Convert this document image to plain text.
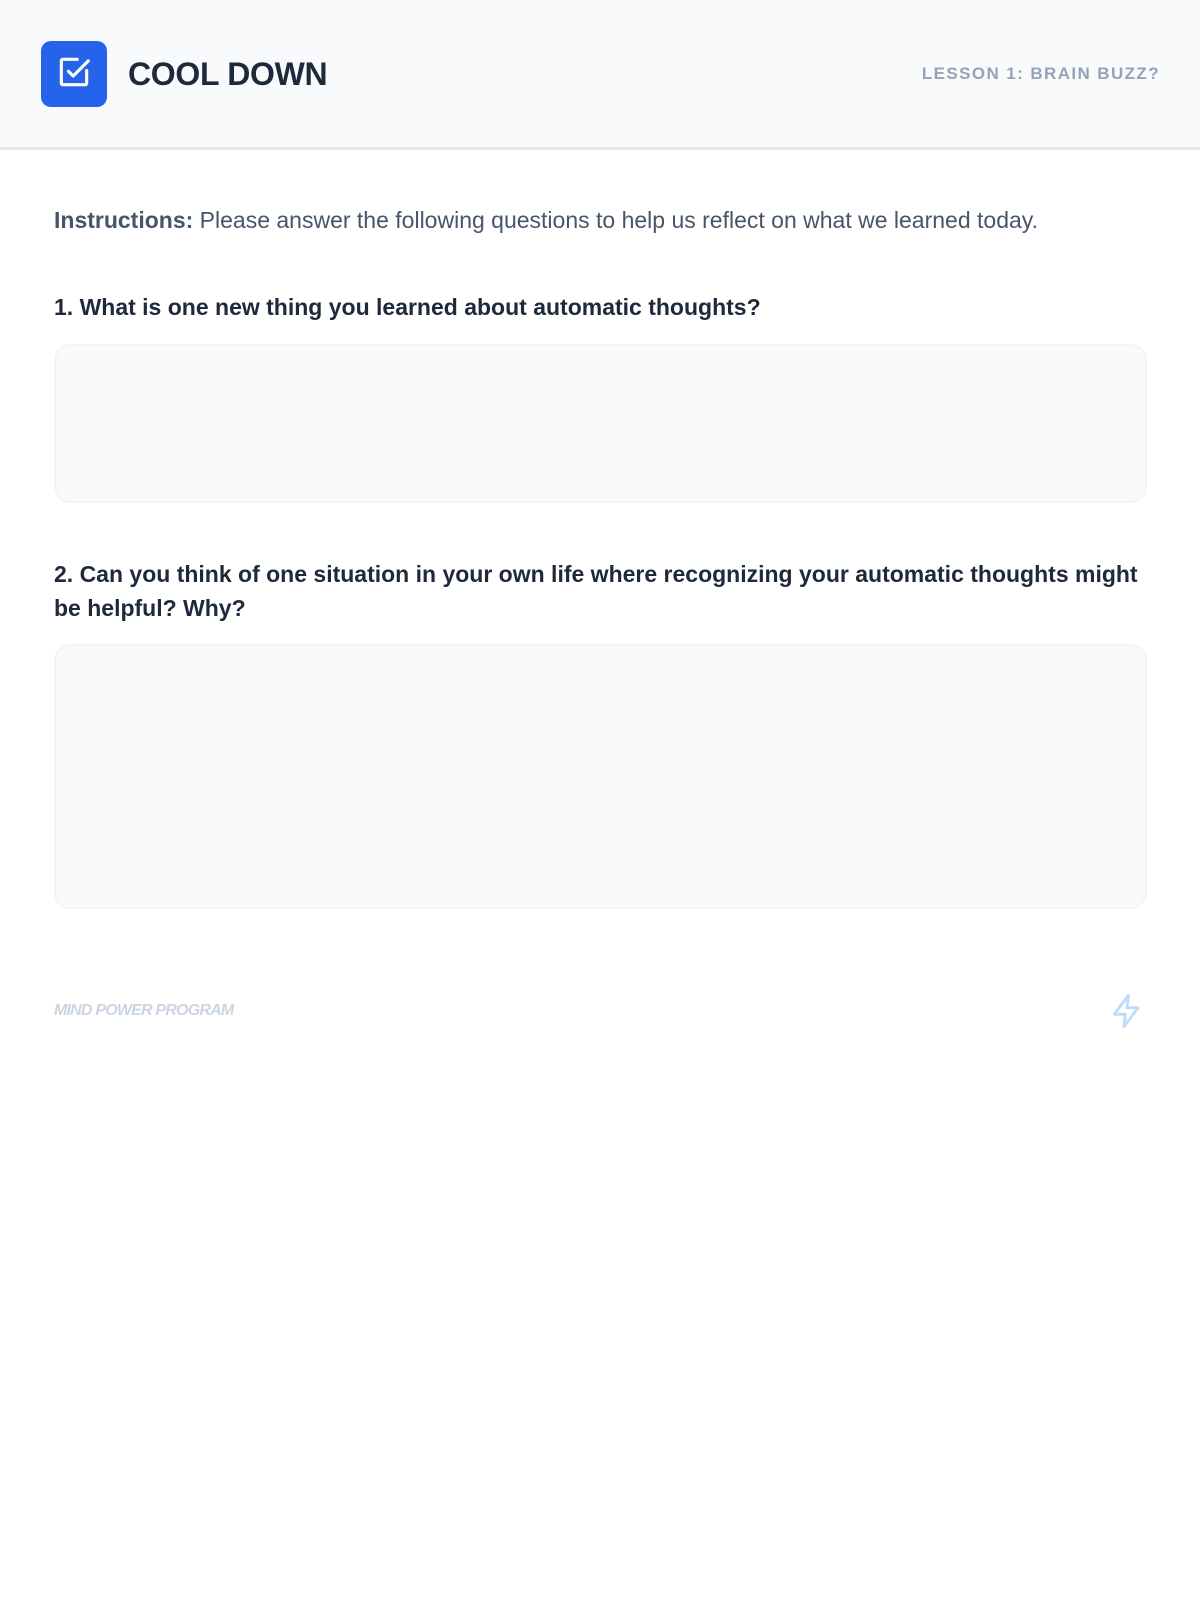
COOL DOWN	LESSON 1: BRAIN BUZZ?
Instructions: Please answer the following questions to help us reflect on what we learned today.
1. What is one new thing you learned about automatic thoughts?
2. Can you think of one situation in your own life where recognizing your automatic thoughts might be helpful? Why?
MIND POWER PROGRAM
